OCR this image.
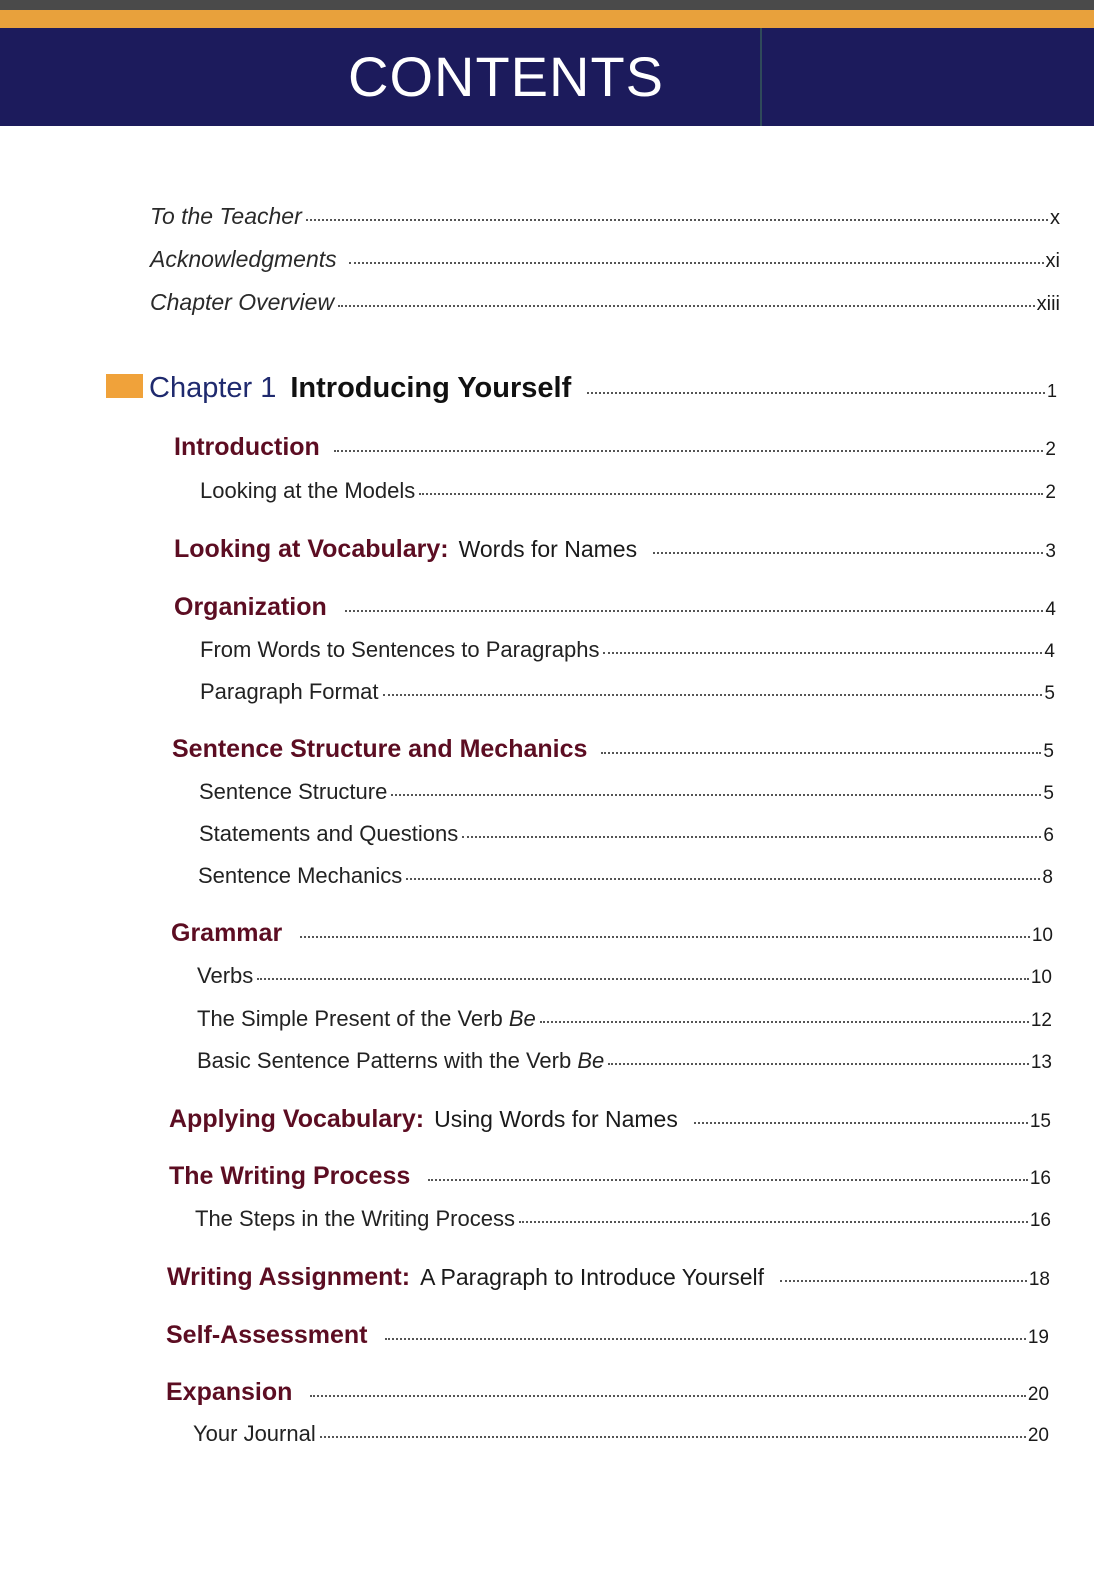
CONTENTS
To the Teacher	x
Acknowledgments	xi
Chapter Overview	xiii
Chapter 1 Introducing Yourself	1
Introduction	2
Looking at the Models	2
Looking at Vocabulary: Words for Names	3
Organization	4
From Words to Sentences to Paragraphs	4
Paragraph Format	5
Sentence Structure and Mechanics	5
Sentence Structure	5
Statements and Questions	6
Sentence Mechanics	8
Grammar	10
Verbs	10
The Simple Present of the Verb Be	12
Basic Sentence Patterns with the Verb Be	13
Applying Vocabulary: Using Words for Names	15
The Writing Process	16
The Steps in the Writing Process	16
Writing Assignment: A Paragraph to Introduce Yourself	18
Self-Assessment	19
Expansion	20
Your Journal	20
